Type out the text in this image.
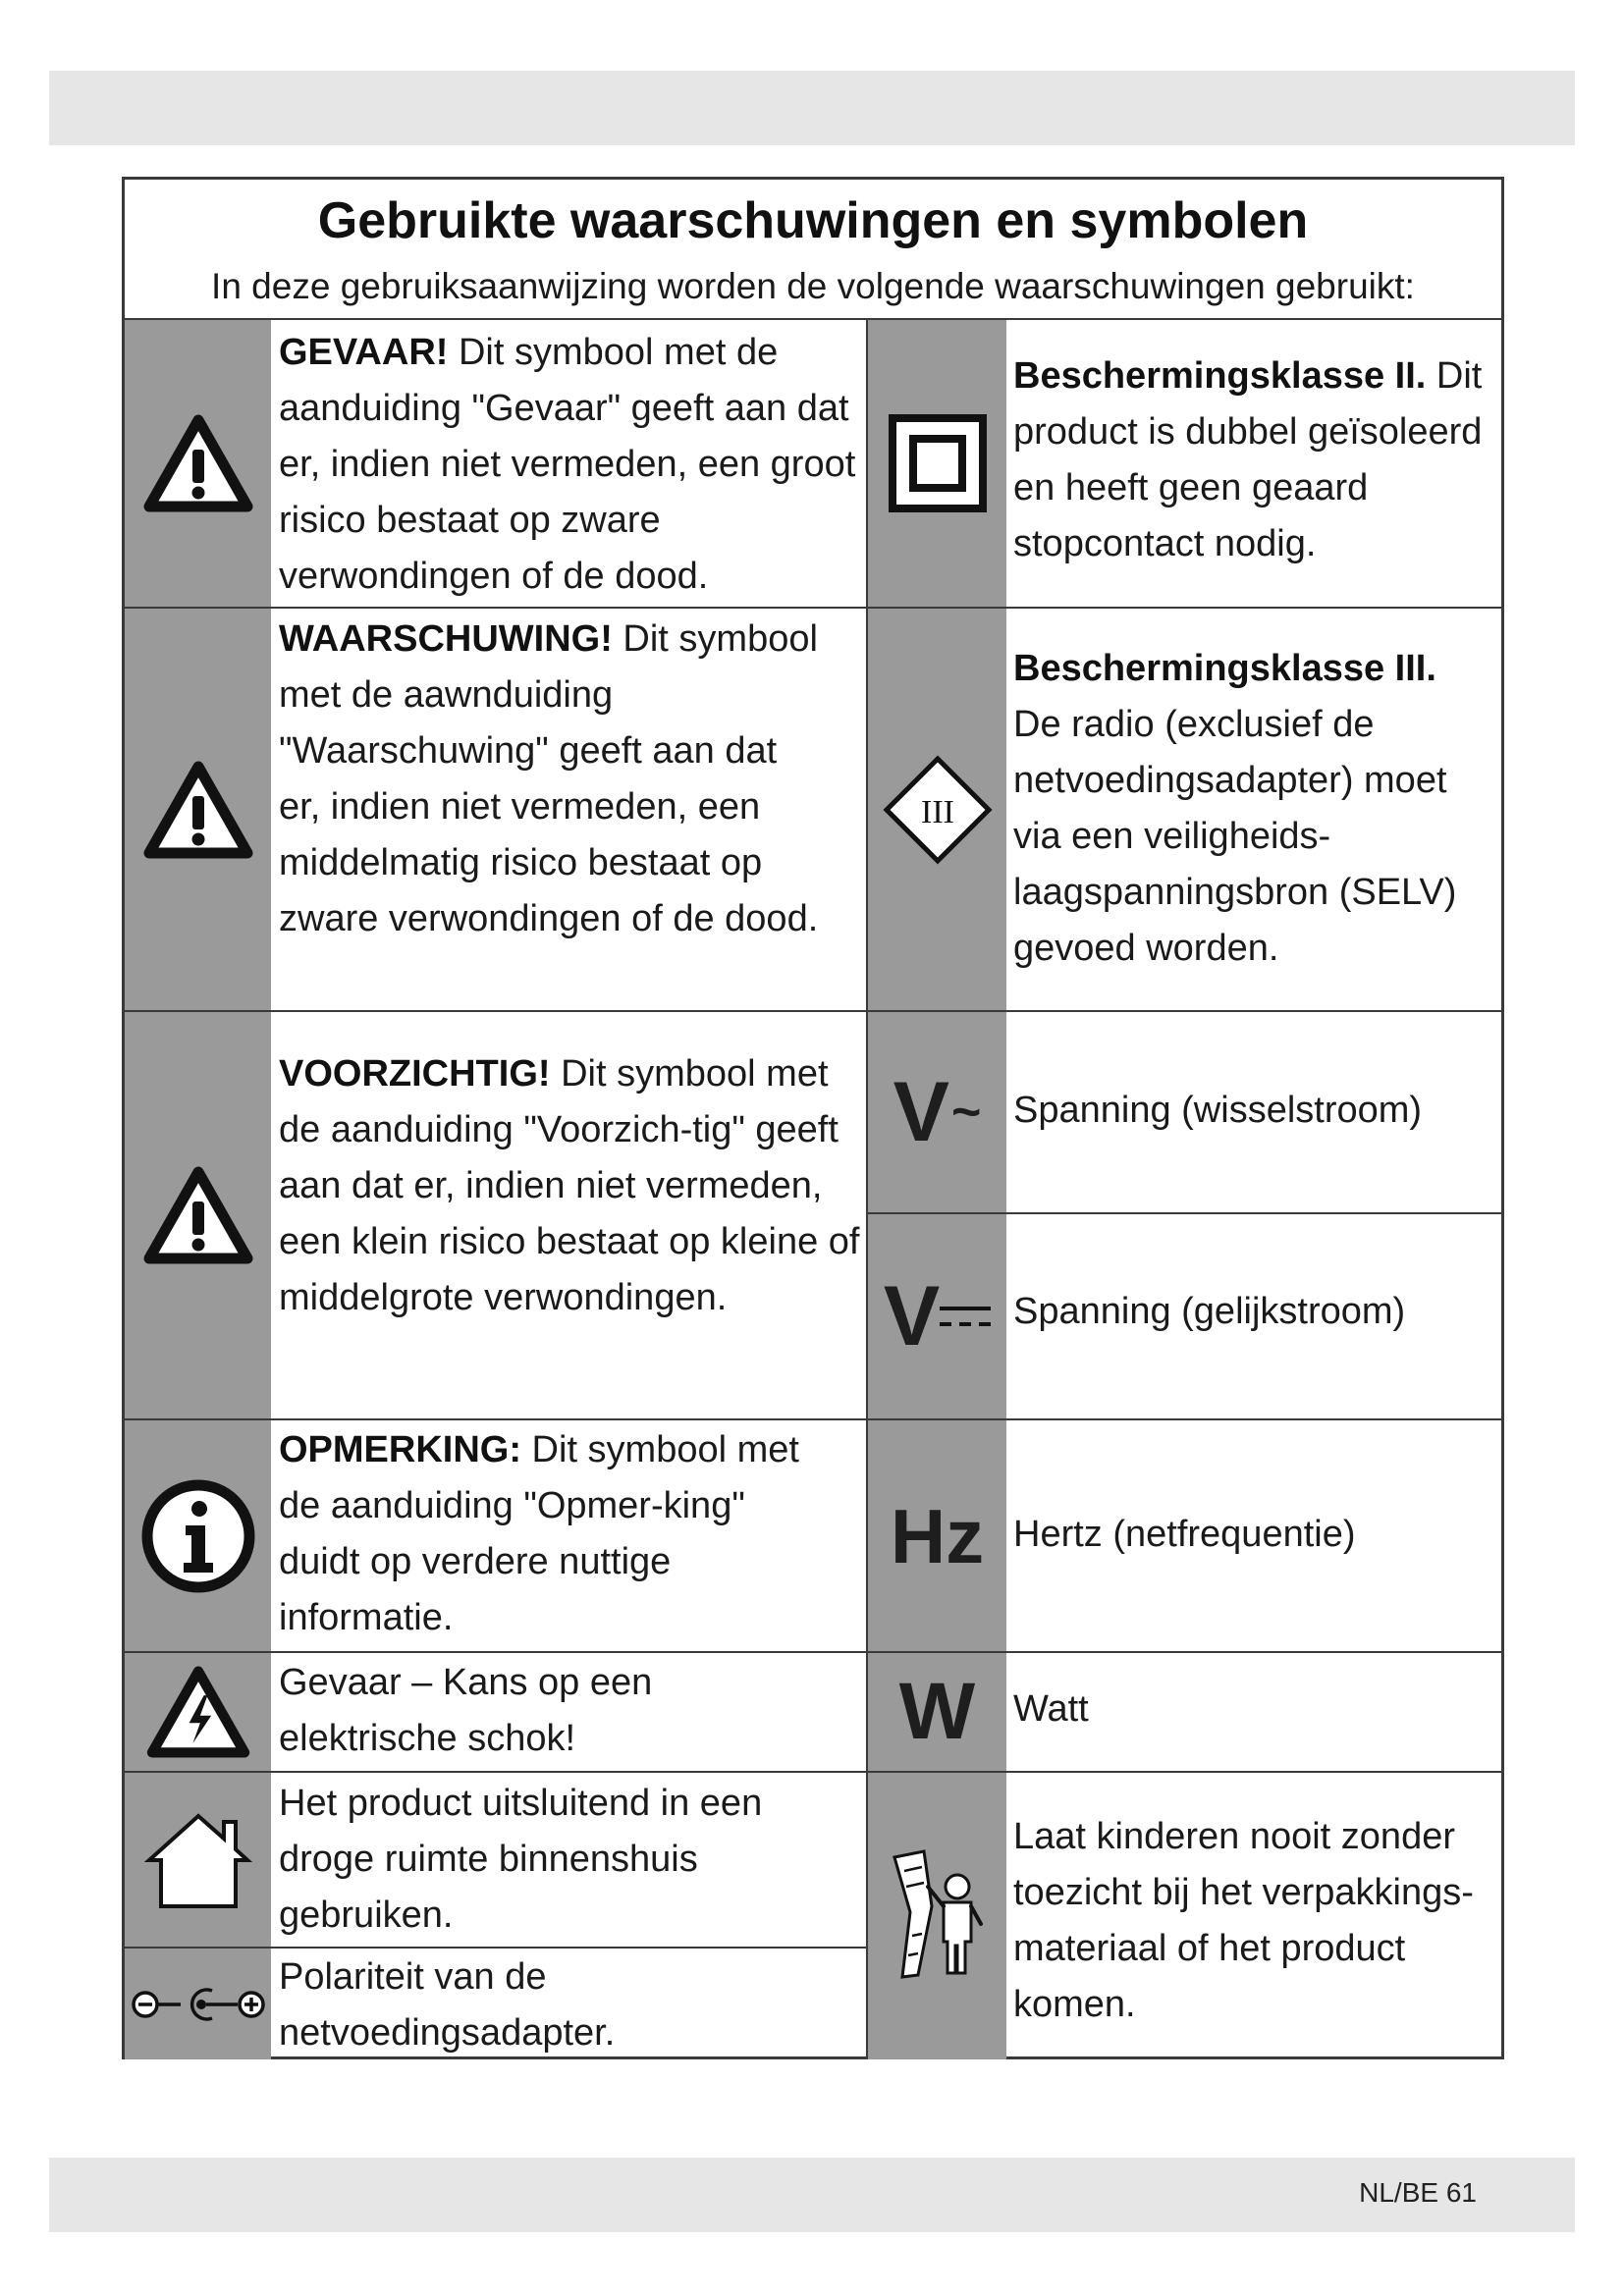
Gebruikte waarschuwingen en symbolen
In deze gebruiksaanwijzing worden de volgende waarschuwingen gebruikt:
GEVAAR! Dit symbool met de aanduiding "Gevaar" geeft aan dat er, indien niet vermeden, een groot risico bestaat op zware verwondingen of de dood.
WAARSCHUWING! Dit symbool met de aawnduiding "Waarschuwing" geeft aan dat er, indien niet vermeden, een middelmatig risico bestaat op zware verwondingen of de dood.
VOORZICHTIG! Dit symbool met de aanduiding "Voorzich-tig" geeft aan dat er, indien niet vermeden, een klein risico bestaat op kleine of middelgrote verwondingen.
OPMERKING: Dit symbool met de aanduiding "Opmer-king" duidt op verdere nuttige informatie.
Gevaar – Kans op een elektrische schok!
Het product uitsluitend in een droge ruimte binnenshuis gebruiken.
Polariteit van de netvoedingsadapter.
Beschermingsklasse II. Dit product is dubbel geïsoleerd en heeft geen geaard stopcontact nodig.
III
Beschermingsklasse III. De radio (exclusief de netvoedingsadapter) moet via een veiligheids-laagspanningsbron (SELV) gevoed worden.
V ~ Spanning (wisselstroom)
V Spanning (gelijkstroom)
Hz Hertz (netfrequentie)
W Watt
Laat kinderen nooit zonder toezicht bij het verpakkings-materiaal of het product komen.
NL/BE 61
